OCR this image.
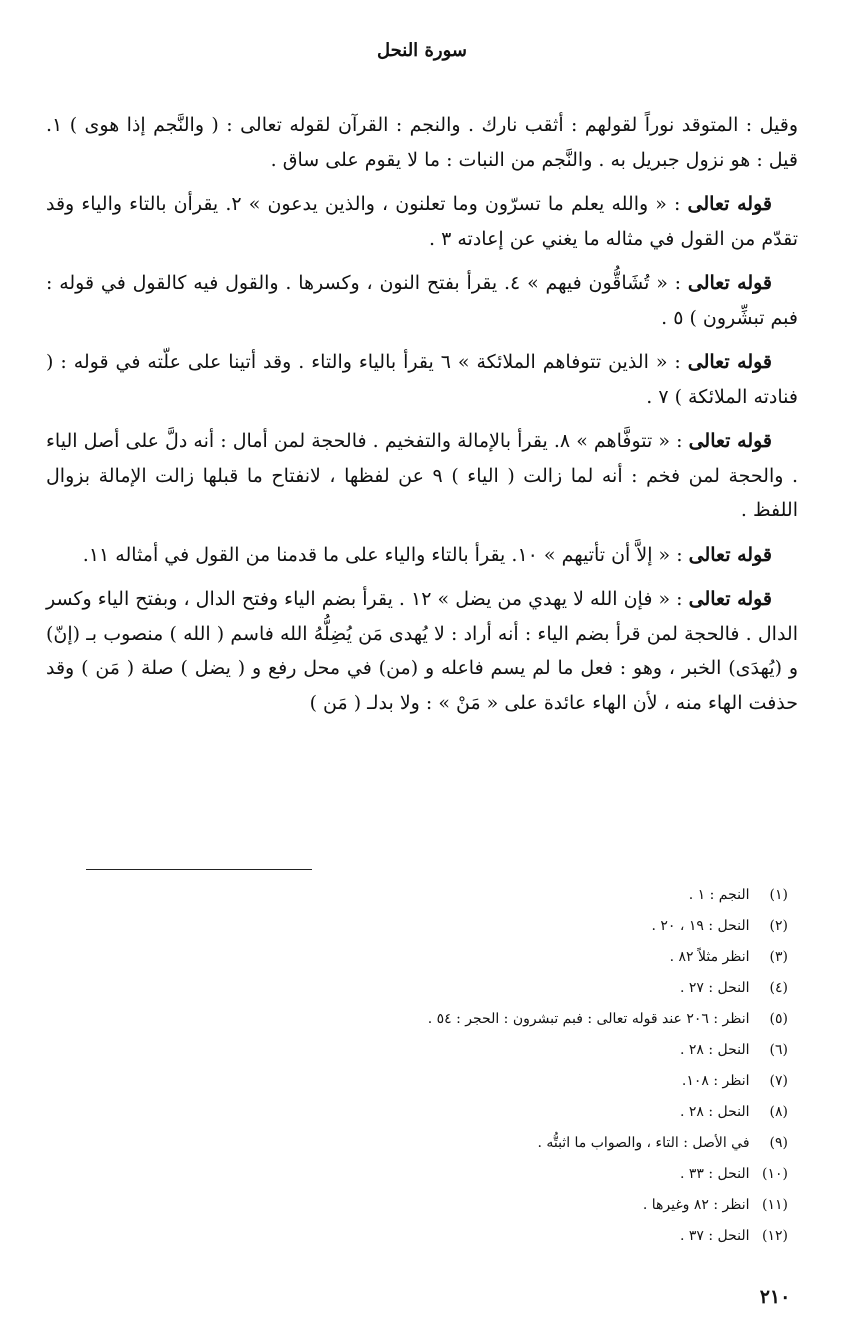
سورة النحل

وقيل : المتوقد نوراً لقولهم : أثقب نارك . والنجم : القرآن لقوله تعالى : ( والنَّجم إذا هوى ) ١. قيل : هو نزول جبريل به . والنَّجم من النبات : ما لا يقوم على ساق .

قوله تعالى : « والله يعلم ما تسرّون وما تعلنون ، والذين يدعون » ٢. يقرأن بالتاء والياء وقد تقدّم من القول في مثاله ما يغني عن إعادته ٣ .

قوله تعالى : « تُشَاقُّون فيهم » ٤. يقرأ بفتح النون ، وكسرها . والقول فيه كالقول في قوله : فبم تبشِّرون ) ٥ .

قوله تعالى : « الذين تتوفاهم الملائكة » ٦ يقرأ بالياء والتاء . وقد أتينا على علّته في قوله : ( فنادته الملائكة ) ٧ .

قوله تعالى : « تتوفَّاهم » ٨. يقرأ بالإمالة والتفخيم . فالحجة لمن أمال : أنه دلَّ على أصل الياء . والحجة لمن فخم : أنه لما زالت ( الياء ) ٩ عن لفظها ، لانفتاح ما قبلها زالت الإمالة بزوال اللفظ .

قوله تعالى : « إلاَّ أن تأتيهم » ١٠. يقرأ بالتاء والياء على ما قدمنا من القول في أمثاله ١١.

قوله تعالى : « فإن الله لا يهدي من يضل » ١٢ . يقرأ بضم الياء وفتح الدال ، وبفتح الياء وكسر الدال . فالحجة لمن قرأ بضم الياء : أنه أراد : لا يُهدى مَن يُضِلُّهُ الله فاسم ( الله ) منصوب بـ (إنّ) و (يُهدَى) الخبر ، وهو : فعل ما لم يسم فاعله و (من) في محل رفع و ( يضل ) صلة ( مَن ) وقد حذفت الهاء منه ، لأن الهاء عائدة على « مَنْ » : ولا بدلـ ( مَن )

(١) النجم : ١ .
(٢) النحل : ١٩ ، ٢٠ .
(٣) انظر مثلاً ٨٢ .
(٤) النحل : ٢٧ .
(٥) انظر : ٢٠٦ عند قوله تعالى : فبم تبشرون : الحجر : ٥٤ .
(٦) النحل : ٢٨ .
(٧) انظر : ١٠٨.
(٨) النحل : ٢٨ .
(٩) في الأصل : التاء ، والصواب ما اثبتُّه .
(١٠) النحل : ٣٣ .
(١١) انظر : ٨٢ وغيرها .
(١٢) النحل : ٣٧ .
٢١٠
